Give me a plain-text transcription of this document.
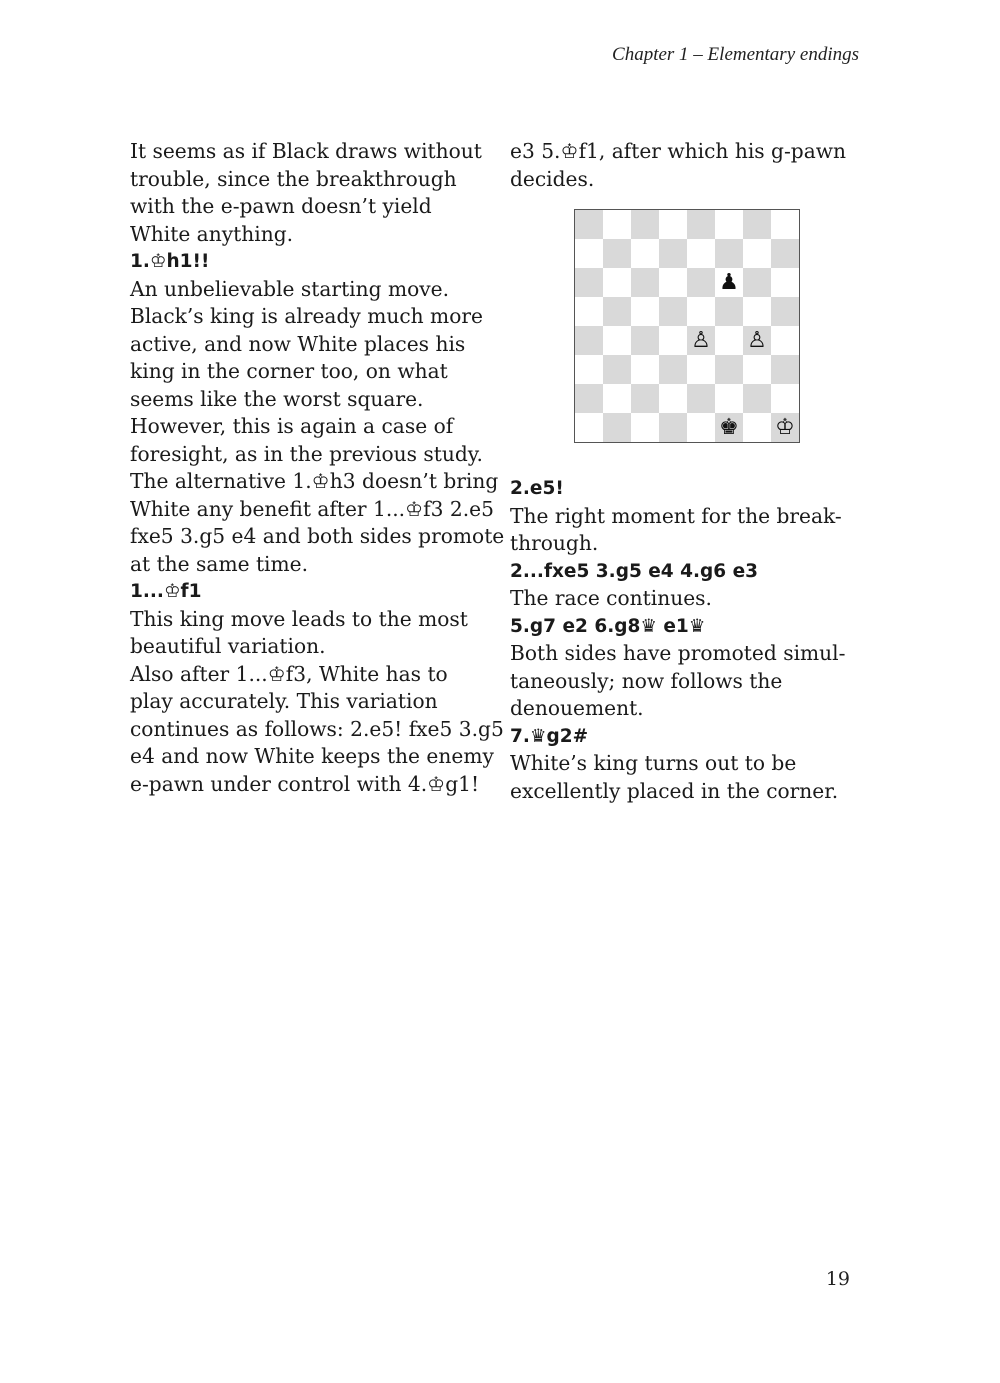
Chapter 1 – Elementary endings
It seems as if Black draws without
trouble, since the breakthrough
with the e-pawn doesn’t yield
White anything.
1.♔h1!!
An unbelievable starting move.
Black’s king is already much more
active, and now White places his
king in the corner too, on what
seems like the worst square.
However, this is again a case of
foresight, as in the previous study.
The alternative 1.♔h3 doesn’t bring
White any benefit after 1...♔f3 2.e5
fxe5 3.g5 e4 and both sides promote
at the same time.
1...♔f1
This king move leads to the most
beautiful variation.
Also after 1...♔f3, White has to
play accurately. This variation
continues as follows: 2.e5! fxe5 3.g5
e4 and now White keeps the enemy
e-pawn under control with 4.♔g1!
e3 5.♔f1, after which his g-pawn
decides.
♟
♙ ♙
♚ ♔
2.e5!
The right moment for the break-
through.
2...fxe5 3.g5 e4 4.g6 e3
The race continues.
5.g7 e2 6.g8♛ e1♛
Both sides have promoted simul-
taneously; now follows the
denouement.
7.♛g2#
White’s king turns out to be
excellently placed in the corner.
19
